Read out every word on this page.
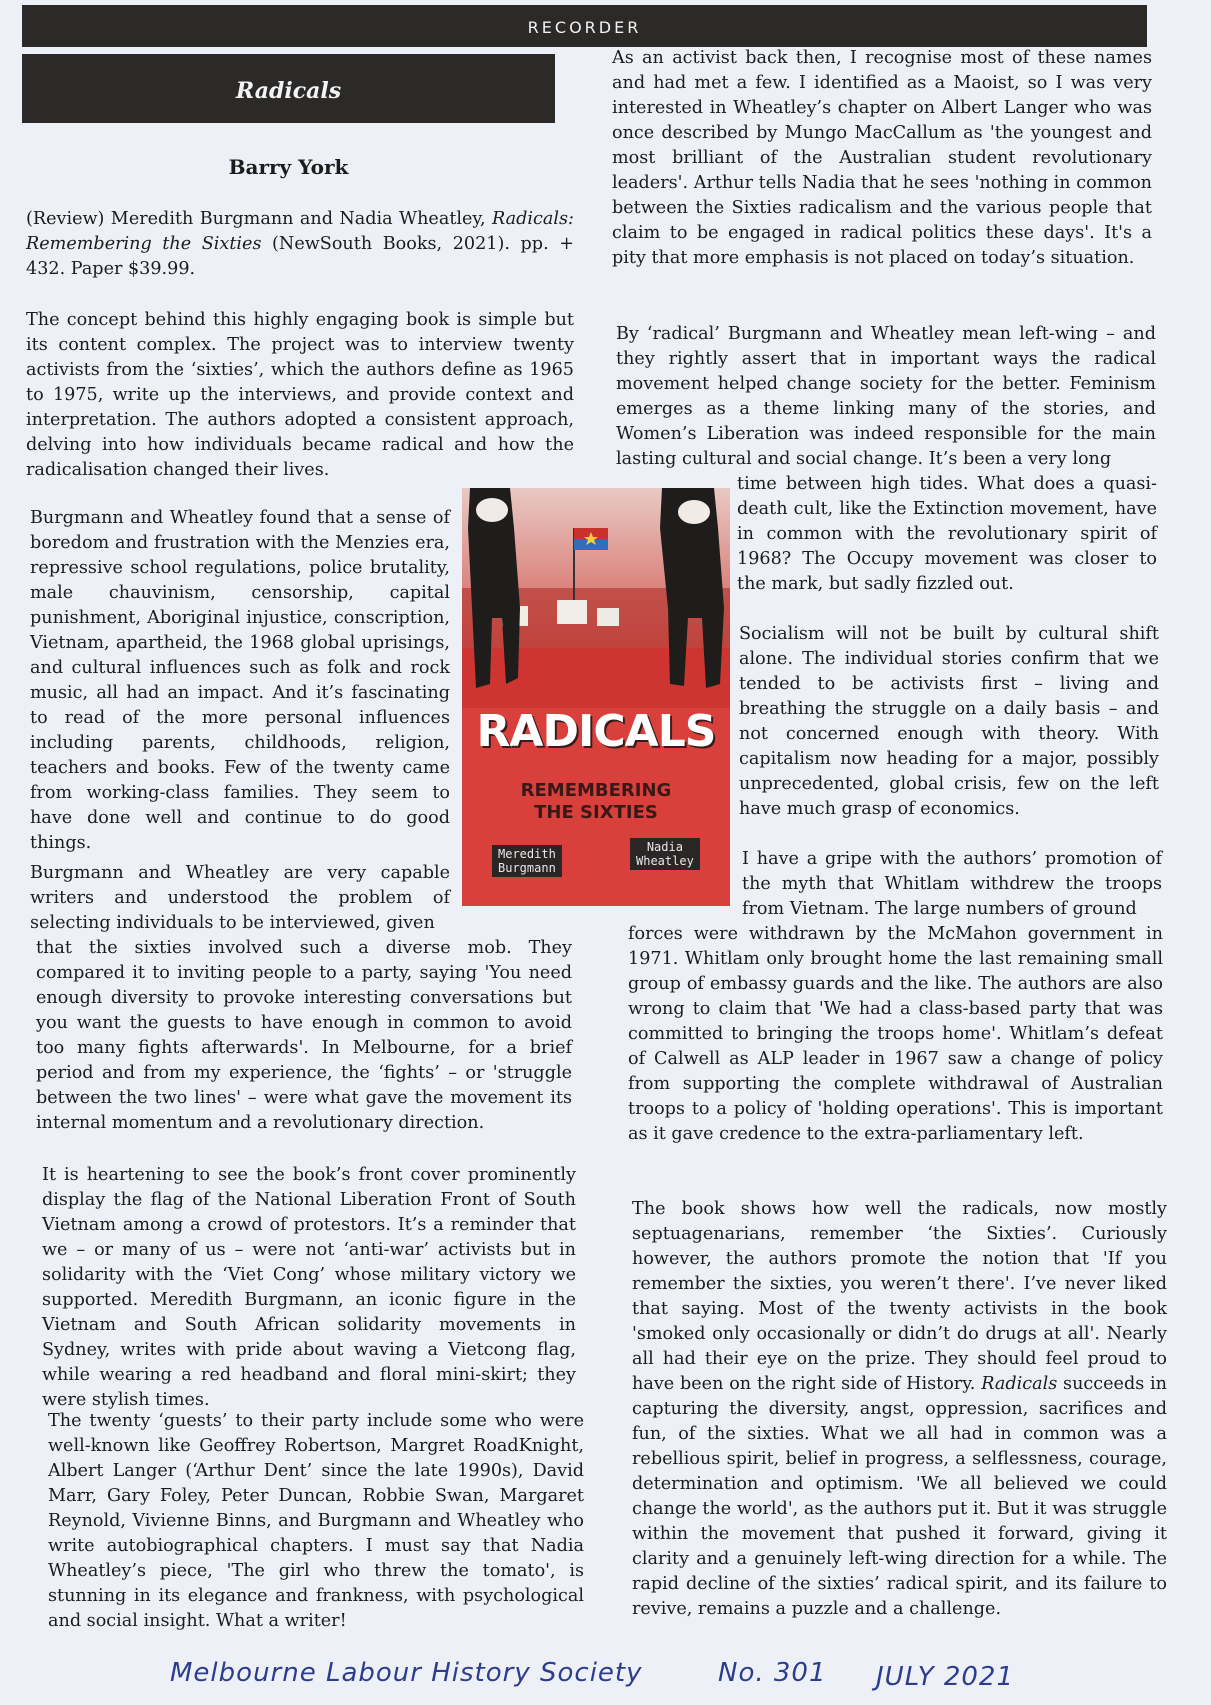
RECORDER
Radicals
Barry York

(Review) Meredith Burgmann and Nadia Wheatley, Radicals: Remembering the Sixties (NewSouth Books, 2021). pp. + 432. Paper $39.99.

The concept behind this highly engaging book is simple but its content complex. The project was to interview twenty activists from the ‘sixties’, which the authors define as 1965 to 1975, write up the interviews, and provide context and interpretation. The authors adopted a consistent approach, delving into how individuals became radical and how the radicalisation changed their lives.

Burgmann and Wheatley found that a sense of boredom and frustration with the Menzies era, repressive school regulations, police brutality, male chauvinism, censorship, capital punishment, Aboriginal injustice, conscription, Vietnam, apartheid, the 1968 global uprisings, and cultural influences such as folk and rock music, all had an impact. And it’s fascinating to read of the more personal influences including parents, childhoods, religion, teachers and books. Few of the twenty came from working-class families. They seem to have done well and continue to do good things.

Burgmann and Wheatley are very capable writers and understood the problem of selecting individuals to be interviewed, given

that the sixties involved such a diverse mob. They compared it to inviting people to a party, saying 'You need enough diversity to provoke interesting conversations but you want the guests to have enough in common to avoid too many fights afterwards'. In Melbourne, for a brief period and from my experience, the ‘fights’ – or 'struggle between the two lines' – were what gave the movement its internal momentum and a revolutionary direction.

It is heartening to see the book’s front cover prominently display the flag of the National Liberation Front of South Vietnam among a crowd of protestors. It’s a reminder that we – or many of us – were not ‘anti-war’ activists but in solidarity with the ‘Viet Cong’ whose military victory we supported. Meredith Burgmann, an iconic figure in the Vietnam and South African solidarity movements in Sydney, writes with pride about waving a Vietcong flag, while wearing a red headband and floral mini-skirt; they were stylish times.

The twenty ‘guests’ to their party include some who were well-known like Geoffrey Robertson, Margret RoadKnight, Albert Langer (‘Arthur Dent’ since the late 1990s), David Marr, Gary Foley, Peter Duncan, Robbie Swan, Margaret Reynold, Vivienne Binns, and Burgmann and Wheatley who write autobiographical chapters. I must say that Nadia Wheatley’s piece, 'The girl who threw the tomato', is stunning in its elegance and frankness, with psychological and social insight. What a writer!

As an activist back then, I recognise most of these names and had met a few. I identified as a Maoist, so I was very interested in Wheatley’s chapter on Albert Langer who was once described by Mungo MacCallum as 'the youngest and most brilliant of the Australian student revolutionary leaders'. Arthur tells Nadia that he sees 'nothing in common between the Sixties radicalism and the various people that claim to be engaged in radical politics these days'. It's a pity that more emphasis is not placed on today’s situation.

By ‘radical’ Burgmann and Wheatley mean left-wing – and they rightly assert that in important ways the radical movement helped change society for the better. Feminism emerges as a theme linking many of the stories, and Women’s Liberation was indeed responsible for the main lasting cultural and social change. It’s been a very long

time between high tides. What does a quasi-death cult, like the Extinction movement, have in common with the revolutionary spirit of 1968? The Occupy movement was closer to the mark, but sadly fizzled out.

Socialism will not be built by cultural shift alone. The individual stories confirm that we tended to be activists first – living and breathing the struggle on a daily basis – and not concerned enough with theory. With capitalism now heading for a major, possibly unprecedented, global crisis, few on the left have much grasp of economics.

I have a gripe with the authors’ promotion of the myth that Whitlam withdrew the troops from Vietnam. The large numbers of ground

forces were withdrawn by the McMahon government in 1971. Whitlam only brought home the last remaining small group of embassy guards and the like. The authors are also wrong to claim that 'We had a class-based party that was committed to bringing the troops home'. Whitlam’s defeat of Calwell as ALP leader in 1967 saw a change of policy from supporting the complete withdrawal of Australian troops to a policy of 'holding operations'. This is important as it gave credence to the extra-parliamentary left.

The book shows how well the radicals, now mostly septuagenarians, remember ‘the Sixties’. Curiously however, the authors promote the notion that 'If you remember the sixties, you weren’t there'. I’ve never liked that saying. Most of the twenty activists in the book 'smoked only occasionally or didn’t do drugs at all'. Nearly all had their eye on the prize. They should feel proud to have been on the right side of History. Radicals succeeds in capturing the diversity, angst, oppression, sacrifices and fun, of the sixties. What we all had in common was a rebellious spirit, belief in progress, a selflessness, courage, determination and optimism. 'We all believed we could change the world', as the authors put it. But it was struggle within the movement that pushed it forward, giving it clarity and a genuinely left-wing direction for a while. The rapid decline of the sixties’ radical spirit, and its failure to revive, remains a puzzle and a challenge.

RADICALS
REMEMBERING
THE SIXTIES
Meredith
Burgmann
Nadia
Wheatley
Melbourne Labour History Society	No. 301 JULY 2021
